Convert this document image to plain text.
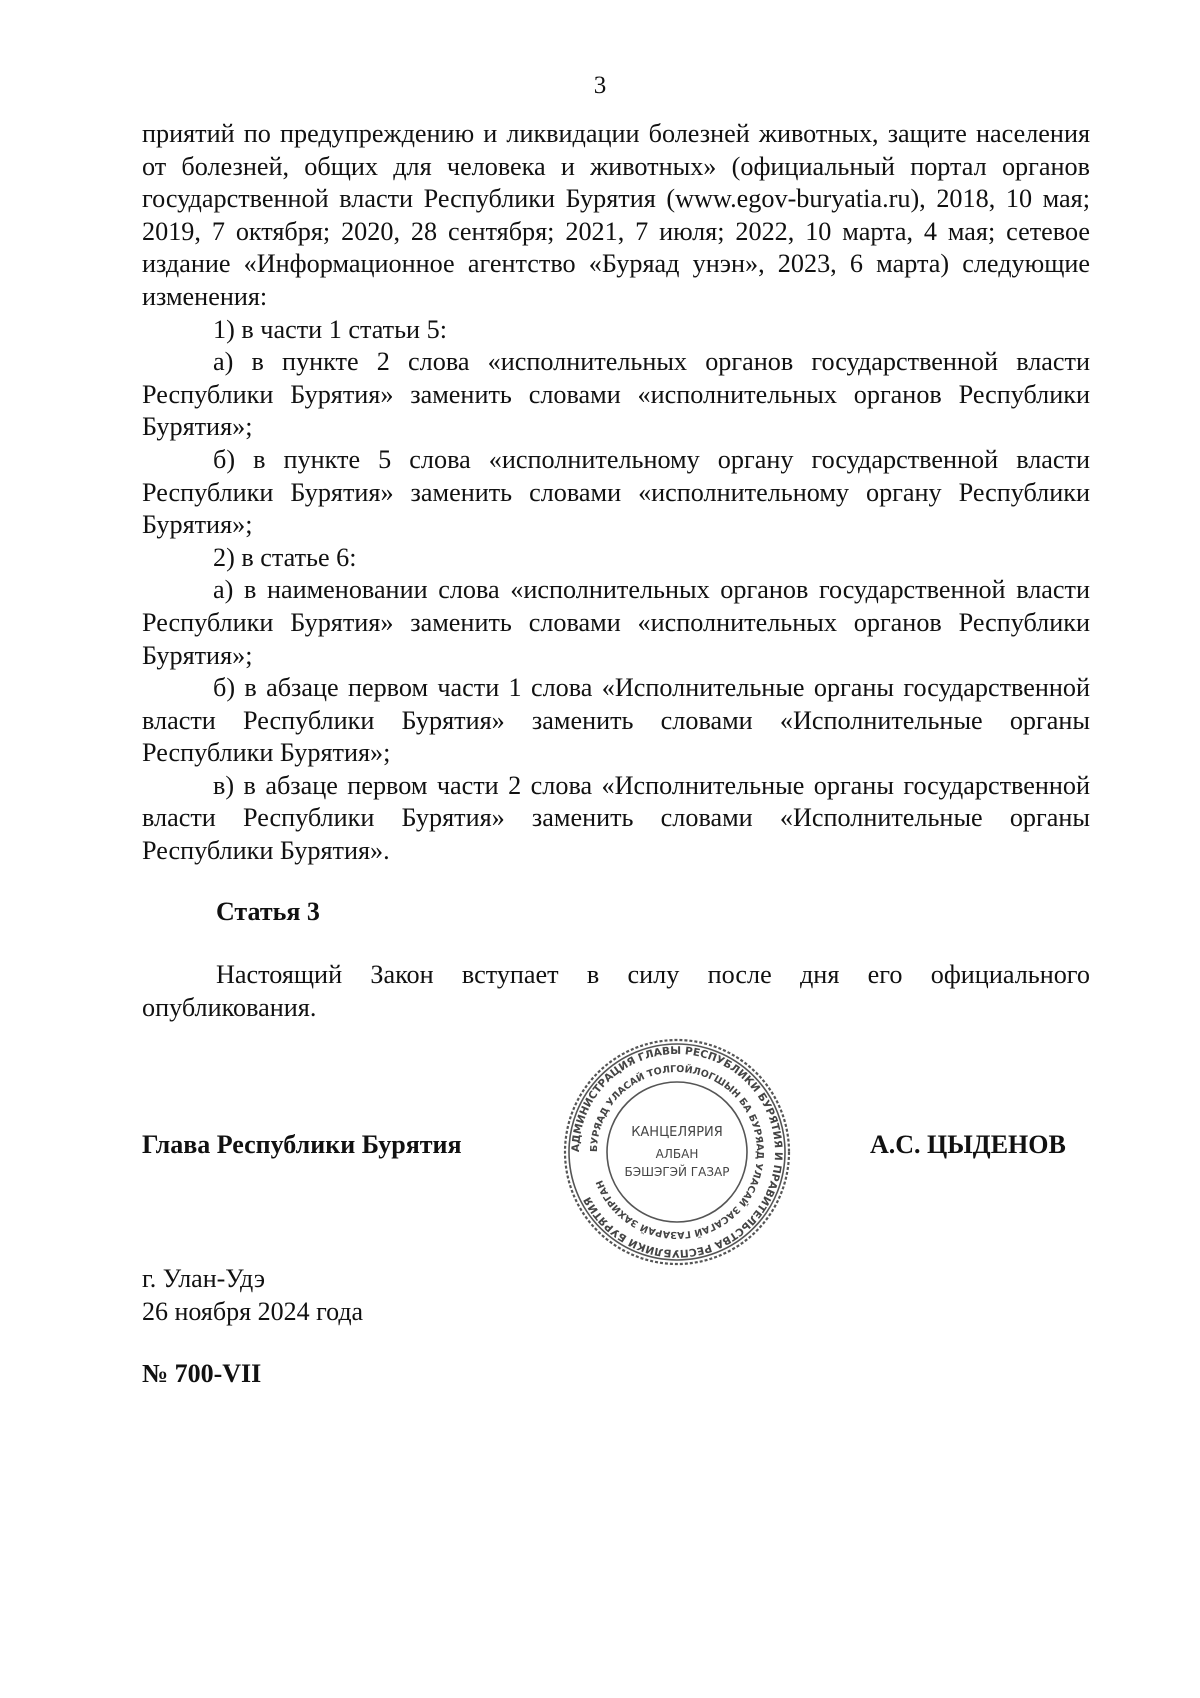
3

приятий по предупреждению и ликвидации болезней животных, защите населения от болезней, общих для человека и животных» (официальный портал органов государственной власти Республики Бурятия (www.egov-buryatia.ru), 2018, 10 мая; 2019, 7 октября; 2020, 28 сентября; 2021, 7 июля; 2022, 10 марта, 4 мая; сетевое издание «Информационное агентство «Буряад унэн», 2023, 6 марта) следующие изменения:

1) в части 1 статьи 5:

а) в пункте 2 слова «исполнительных органов государственной власти Республики Бурятия» заменить словами «исполнительных органов Республики Бурятия»;

б) в пункте 5 слова «исполнительному органу государственной власти Республики Бурятия» заменить словами «исполнительному органу Республики Бурятия»;

2) в статье 6:

а) в наименовании слова «исполнительных органов государственной власти Республики Бурятия» заменить словами «исполнительных органов Республики Бурятия»;

б) в абзаце первом части 1 слова «Исполнительные органы государственной власти Республики Бурятия» заменить словами «Исполнительные органы Республики Бурятия»;

в) в абзаце первом части 2 слова «Исполнительные органы государственной власти Республики Бурятия» заменить словами «Исполнительные органы Республики Бурятия».

Статья 3

Настоящий Закон вступает в силу после дня его официального опубликования.

Глава Республики Бурятия	АДМИНИСТРАЦИЯ ГЛАВЫ РЕСПУБЛИКИ БУРЯТИЯ И ПРАВИТЕЛЬСТВА РЕСПУБЛИКИ БУРЯТИЯ
БУРЯАД УЛАСАЙ ТОЛГОЙЛОГШЫН БА БУРЯАД УЛАСАЙ ЗАСАГАЙ ГАЗАРАЙ ЗАХИРГАН
КАНЦЕЛЯРИЯ
АЛБАН
БЭШЭГЭЙ ГАЗАР
А.С. ЦЫДЕНОВ
г. Улан-Удэ
26 ноября 2024 года
№ 700-VII
